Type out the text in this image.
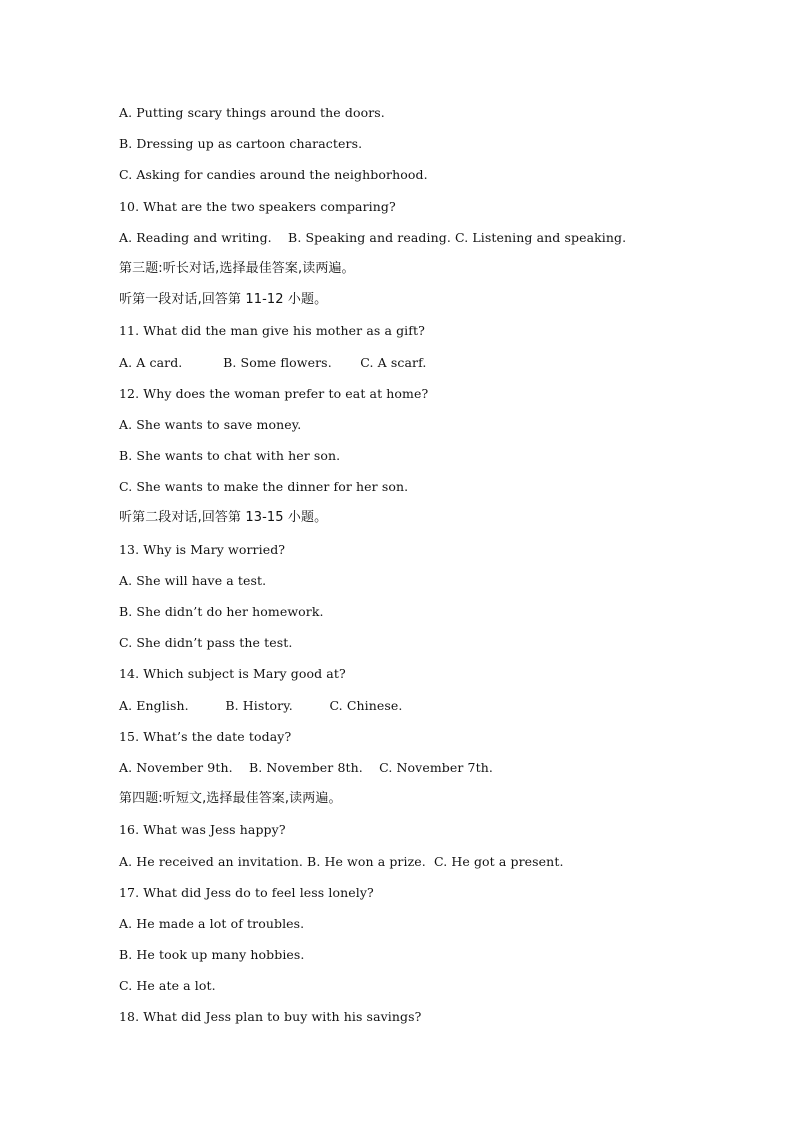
A. Putting scary things around the doors.
B. Dressing up as cartoon characters.
C. Asking for candies around the neighborhood.
10. What are the two speakers comparing?
A. Reading and writing.    B. Speaking and reading. C. Listening and speaking.
第三题:听长对话,选择最佳答案,读两遍。
听第一段对话,回答第 11-12 小题。
11. What did the man give his mother as a gift?
A. A card.          B. Some flowers.       C. A scarf.
12. Why does the woman prefer to eat at home?
A. She wants to save money.
B. She wants to chat with her son.
C. She wants to make the dinner for her son.
听第二段对话,回答第 13-15 小题。
13. Why is Mary worried?
A. She will have a test.
B. She didn’t do her homework.
C. She didn’t pass the test.
14. Which subject is Mary good at?
A. English.         B. History.         C. Chinese.
15. What’s the date today?
A. November 9th.    B. November 8th.    C. November 7th.
第四题:听短文,选择最佳答案,读两遍。
16. What was Jess happy?
A. He received an invitation. B. He won a prize.  C. He got a present.
17. What did Jess do to feel less lonely?
A. He made a lot of troubles.
B. He took up many hobbies.
C. He ate a lot.
18. What did Jess plan to buy with his savings?
